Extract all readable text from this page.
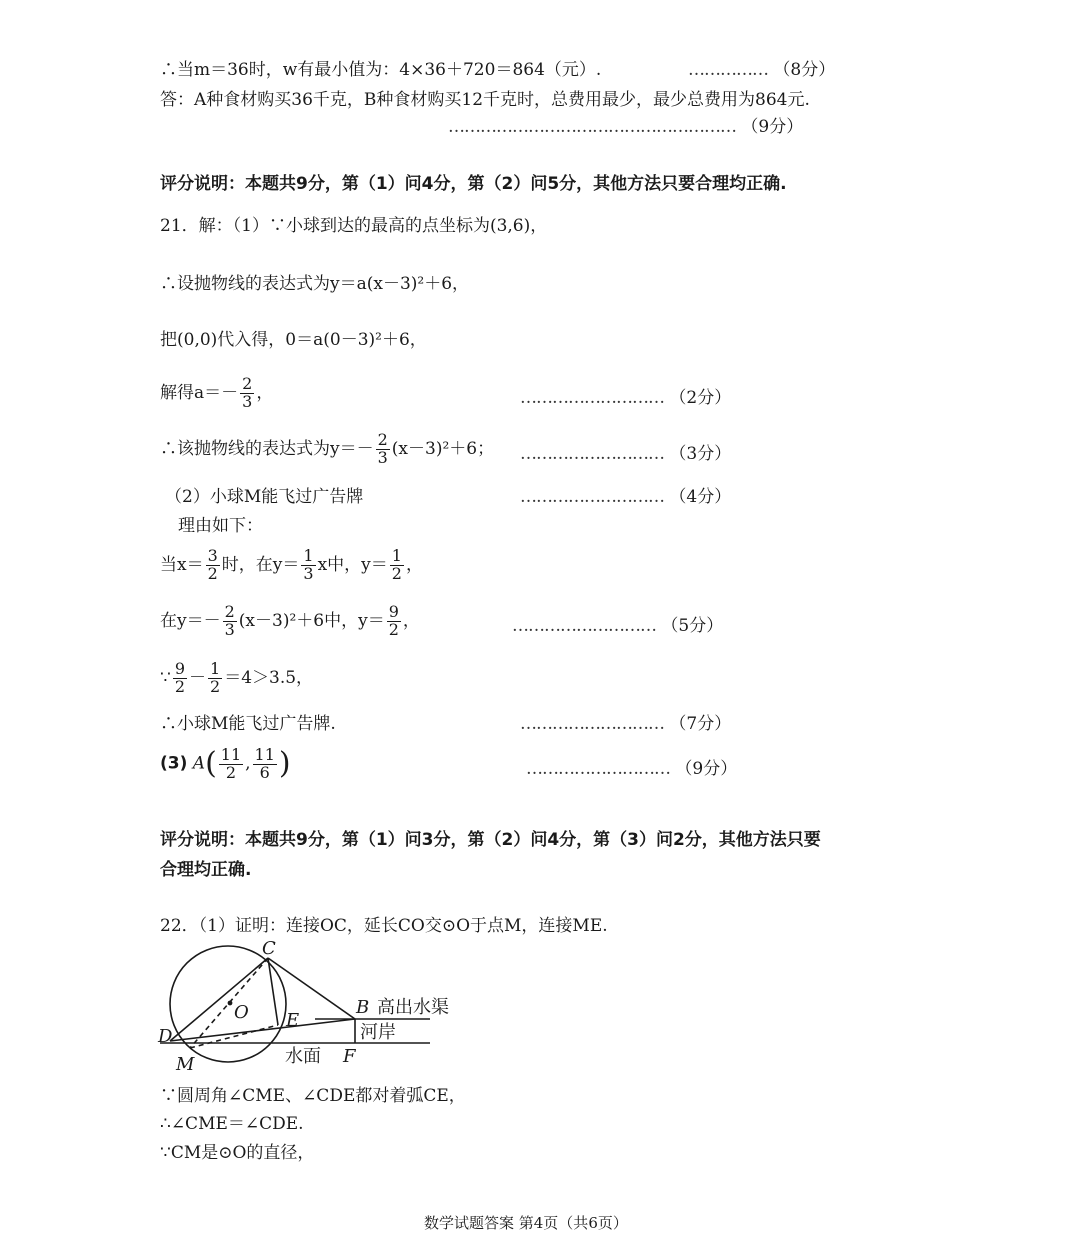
∴当m＝36时，w有最小值为：4×36＋720＝864（元）.	…………… （8分）
答：A种食材购买36千克，B种食材购买12千克时，总费用最少，最少总费用为864元.
……………………………………………… （9分）
评分说明：本题共9分，第（1）问4分，第（2）问5分，其他方法只要合理均正确.
21．解：（1）∵小球到达的最高的点坐标为(3,6)，
∴设抛物线的表达式为y＝a(x－3)²＋6，
把(0,0)代入得，0＝a(0－3)²＋6，
解得$a=- \frac{2}{3}$ ，	……………………… （2分）
∴该抛物线的表达式为$y=- \frac{2}{3} (x-3)^2+6$； ……………………… （3分）
（2）小球M能飞过广告牌	……………………… （4分）
理由如下：
当$x= \frac{3}{2}$ 时，在$y= \frac{1}{3}$ x中，$y= \frac{1}{2}$ ，
在$y=- \frac{2}{3} (x-3)^2+6$中，$y= \frac{9}{2}$ ，	……………………… （5分）
∵ $\frac{9}{2} - \frac{1}{2} =4>3.5$，
∴小球M能飞过广告牌.	……………………… （7分）
(3) $A( \frac{11}{2}$ , $\frac{11}{6}$ )	……………………… （9分）
评分说明：本题共9分，第（1）问3分，第（2）问4分，第（3）问2分，其他方法只要
合理均正确.
22．（1）证明：连接OC，延长CO交⊙O于点M，连接ME.
C
O	B
D
E
M	F
高出水渠
河岸
水面
∵圆周角∠CME、∠CDE都对着弧CE，
∴∠CME＝∠CDE.
∵CM是⊙O的直径，
数学试题答案 第4页（共6页）
